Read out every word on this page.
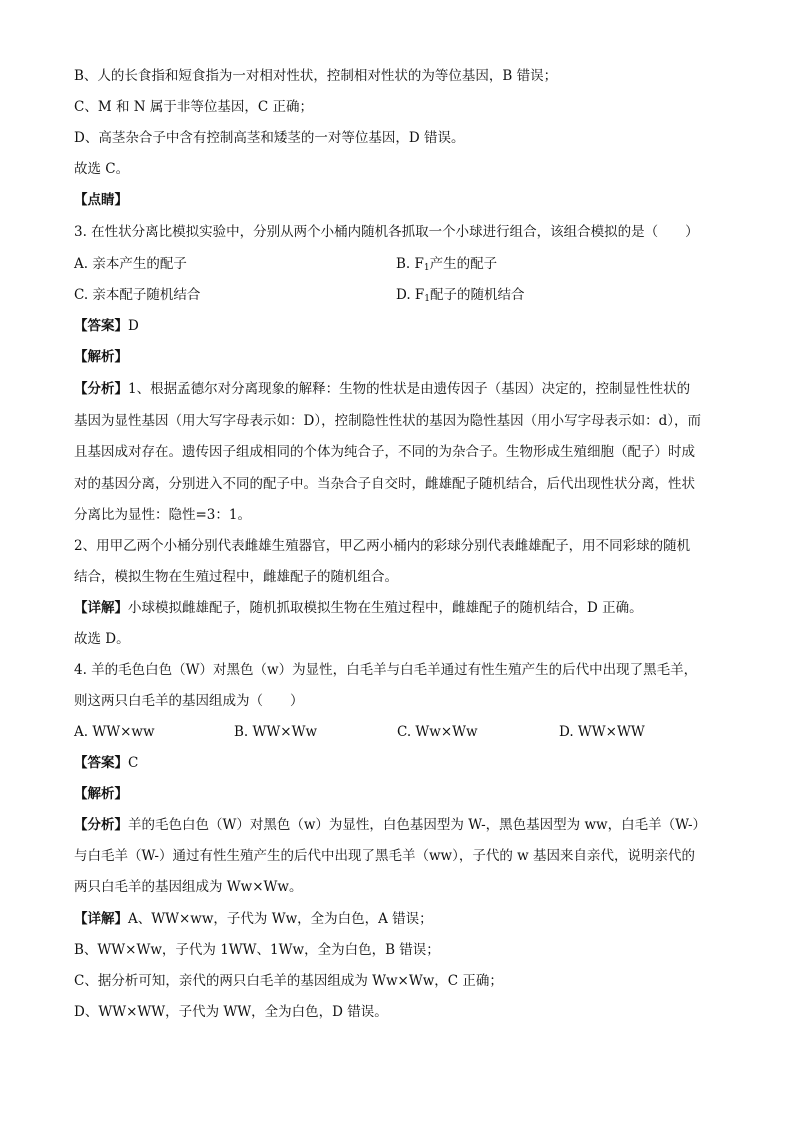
B、人的长食指和短食指为一对相对性状，控制相对性状的为等位基因，B 错误；
C、M 和 N 属于非等位基因，C 正确；
D、高茎杂合子中含有控制高茎和矮茎的一对等位基因，D 错误。
故选 C。
【点睛】
3. 在性状分离比模拟实验中，分别从两个小桶内随机各抓取一个小球进行组合，该组合模拟的是（　　）
A. 亲本产生的配子	B. $F_1$产生的配子
C. 亲本配子随机结合	D. $F_1$配子的随机结合
【答案】D
【解析】
【分析】1、根据孟德尔对分离现象的解释：生物的性状是由遗传因子（基因）决定的，控制显性性状的
基因为显性基因（用大写字母表示如：D），控制隐性性状的基因为隐性基因（用小写字母表示如：d），而
且基因成对存在。遗传因子组成相同的个体为纯合子，不同的为杂合子。生物形成生殖细胞（配子）时成
对的基因分离，分别进入不同的配子中。当杂合子自交时，雌雄配子随机结合，后代出现性状分离，性状
分离比为显性：隐性=3：1。
2、用甲乙两个小桶分别代表雌雄生殖器官，甲乙两小桶内的彩球分别代表雌雄配子，用不同彩球的随机
结合，模拟生物在生殖过程中，雌雄配子的随机组合。
【详解】小球模拟雌雄配子，随机抓取模拟生物在生殖过程中，雌雄配子的随机结合，D 正确。
故选 D。
4. 羊的毛色白色（W）对黑色（w）为显性，白毛羊与白毛羊通过有性生殖产生的后代中出现了黑毛羊，
则这两只白毛羊的基因组成为（　　）
A. WW×ww	B. WW×Ww	C. Ww×Ww	D. WW×WW
【答案】C
【解析】
【分析】羊的毛色白色（W）对黑色（w）为显性，白色基因型为 W-，黑色基因型为 ww，白毛羊（W-）
与白毛羊（W-）通过有性生殖产生的后代中出现了黑毛羊（ww），子代的 w 基因来自亲代，说明亲代的
两只白毛羊的基因组成为 Ww×Ww。
【详解】A、WW×ww，子代为 Ww，全为白色，A 错误；
B、WW×Ww，子代为 1WW、1Ww，全为白色，B 错误；
C、据分析可知，亲代的两只白毛羊的基因组成为 Ww×Ww，C 正确；
D、WW×WW，子代为 WW，全为白色，D 错误。
